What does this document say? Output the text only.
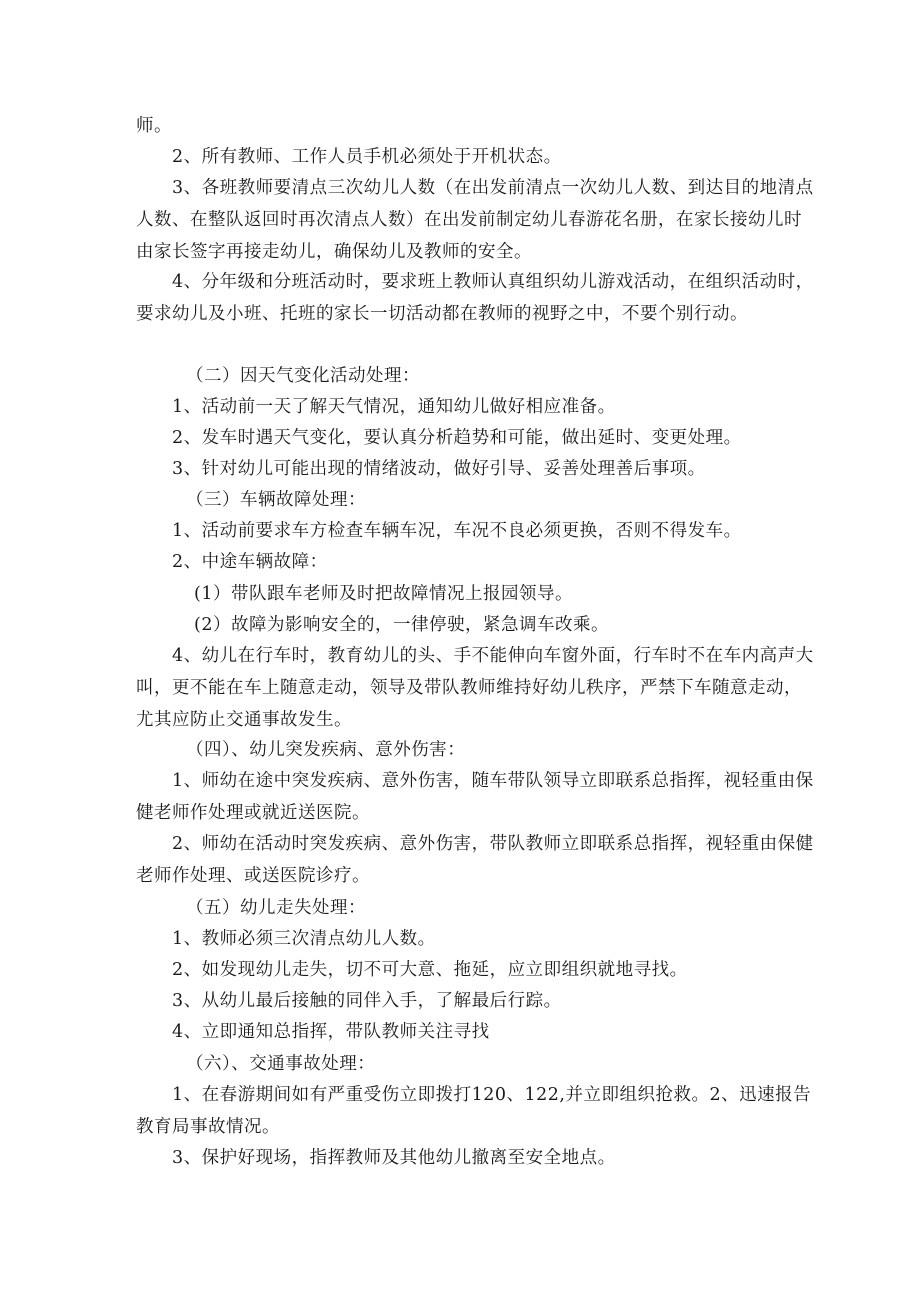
师。

2、所有教师、工作人员手机必须处于开机状态。

3、各班教师要清点三次幼儿人数（在出发前清点一次幼儿人数、到达目的地清点人数、在整队返回时再次清点人数）在出发前制定幼儿春游花名册，在家长接幼儿时由家长签字再接走幼儿，确保幼儿及教师的安全。

4、分年级和分班活动时，要求班上教师认真组织幼儿游戏活动，在组织活动时，要求幼儿及小班、托班的家长一切活动都在教师的视野之中，不要个别行动。

（二）因天气变化活动处理：

1、活动前一天了解天气情况，通知幼儿做好相应准备。

2、发车时遇天气变化，要认真分析趋势和可能，做出延时、变更处理。

3、针对幼儿可能出现的情绪波动，做好引导、妥善处理善后事项。

（三）车辆故障处理：

1、活动前要求车方检查车辆车况，车况不良必须更换，否则不得发车。

2、中途车辆故障：

(1）带队跟车老师及时把故障情况上报园领导。

(2）故障为影响安全的，一律停驶，紧急调车改乘。

4、幼儿在行车时，教育幼儿的头、手不能伸向车窗外面，行车时不在车内高声大叫，更不能在车上随意走动，领导及带队教师维持好幼儿秩序，严禁下车随意走动，尤其应防止交通事故发生。

（四）、幼儿突发疾病、意外伤害：

1、师幼在途中突发疾病、意外伤害，随车带队领导立即联系总指挥，视轻重由保健老师作处理或就近送医院。

2、师幼在活动时突发疾病、意外伤害，带队教师立即联系总指挥，视轻重由保健老师作处理、或送医院诊疗。

（五）幼儿走失处理：

1、教师必须三次清点幼儿人数。

2、如发现幼儿走失，切不可大意、拖延，应立即组织就地寻找。

3、从幼儿最后接触的同伴入手，了解最后行踪。

4、立即通知总指挥，带队教师关注寻找

（六）、交通事故处理：

1、在春游期间如有严重受伤立即拨打120、122,并立即组织抢救。2、迅速报告教育局事故情况。

3、保护好现场，指挥教师及其他幼儿撤离至安全地点。
